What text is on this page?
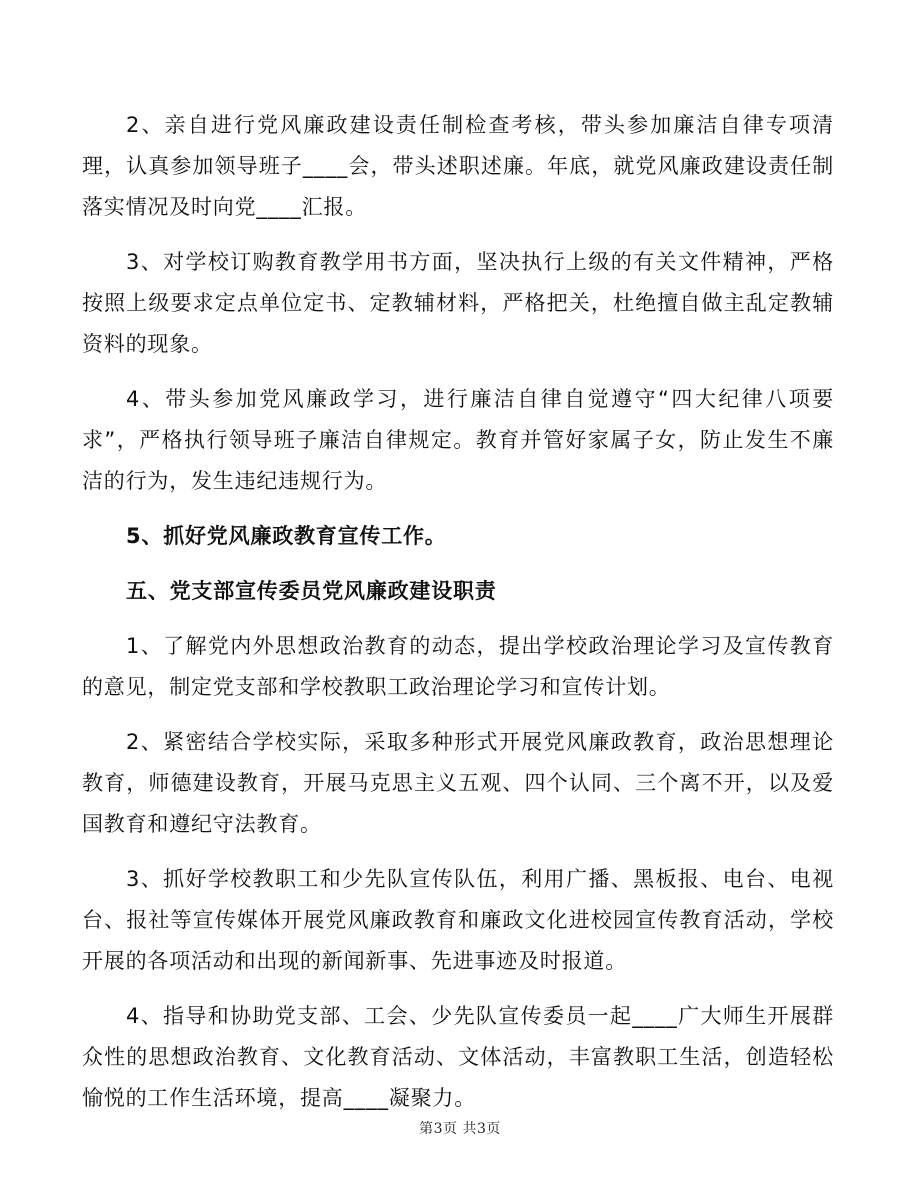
2、亲自进行党风廉政建设责任制检查考核，带头参加廉洁自律专项清理，认真参加领导班子____会，带头述职述廉。年底，就党风廉政建设责任制落实情况及时向党____汇报。

3、对学校订购教育教学用书方面，坚决执行上级的有关文件精神，严格按照上级要求定点单位定书、定教辅材料，严格把关，杜绝擅自做主乱定教辅资料的现象。

4、带头参加党风廉政学习，进行廉洁自律自觉遵守“四大纪律八项要求”，严格执行领导班子廉洁自律规定。教育并管好家属子女，防止发生不廉洁的行为，发生违纪违规行为。

5、抓好党风廉政教育宣传工作。

五、党支部宣传委员党风廉政建设职责

1、了解党内外思想政治教育的动态，提出学校政治理论学习及宣传教育的意见，制定党支部和学校教职工政治理论学习和宣传计划。

2、紧密结合学校实际，采取多种形式开展党风廉政教育，政治思想理论教育，师德建设教育，开展马克思主义五观、四个认同、三个离不开，以及爱国教育和遵纪守法教育。

3、抓好学校教职工和少先队宣传队伍，利用广播、黑板报、电台、电视台、报社等宣传媒体开展党风廉政教育和廉政文化进校园宣传教育活动，学校开展的各项活动和出现的新闻新事、先进事迹及时报道。

4、指导和协助党支部、工会、少先队宣传委员一起____广大师生开展群众性的思想政治教育、文化教育活动、文体活动，丰富教职工生活，创造轻松愉悦的工作生活环境，提高____凝聚力。

第3页 共3页
